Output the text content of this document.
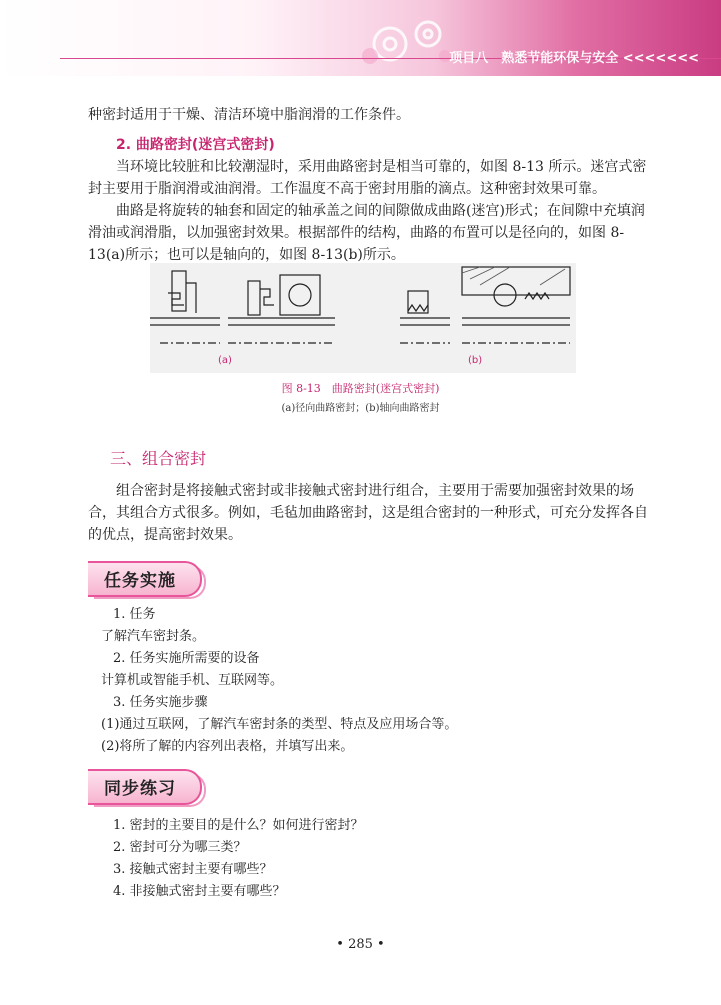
项目八　熟悉节能环保与安全 <<<<<<<

种密封适用于干燥、清洁环境中脂润滑的工作条件。

2. 曲路密封(迷宫式密封)

当环境比较脏和比较潮湿时，采用曲路密封是相当可靠的，如图 8-13 所示。迷宫式密封主要用于脂润滑或油润滑。工作温度不高于密封用脂的滴点。这种密封效果可靠。

曲路是将旋转的轴套和固定的轴承盖之间的间隙做成曲路(迷宫)形式；在间隙中充填润滑油或润滑脂，以加强密封效果。根据部件的结构，曲路的布置可以是径向的，如图 8-13(a)所示；也可以是轴向的，如图 8-13(b)所示。

(a)	(b)
图 8-13　曲路密封(迷宫式密封)
(a)径向曲路密封；(b)轴向曲路密封
三、组合密封

组合密封是将接触式密封或非接触式密封进行组合，主要用于需要加强密封效果的场合，其组合方式很多。例如，毛毡加曲路密封，这是组合密封的一种形式，可充分发挥各自的优点，提高密封效果。

任务实施
1. 任务
了解汽车密封条。
2. 任务实施所需要的设备
计算机或智能手机、互联网等。
3. 任务实施步骤
(1)通过互联网，了解汽车密封条的类型、特点及应用场合等。
(2)将所了解的内容列出表格，并填写出来。
同步练习
1. 密封的主要目的是什么？如何进行密封？
2. 密封可分为哪三类？
3. 接触式密封主要有哪些？
4. 非接触式密封主要有哪些？
• 285 •
